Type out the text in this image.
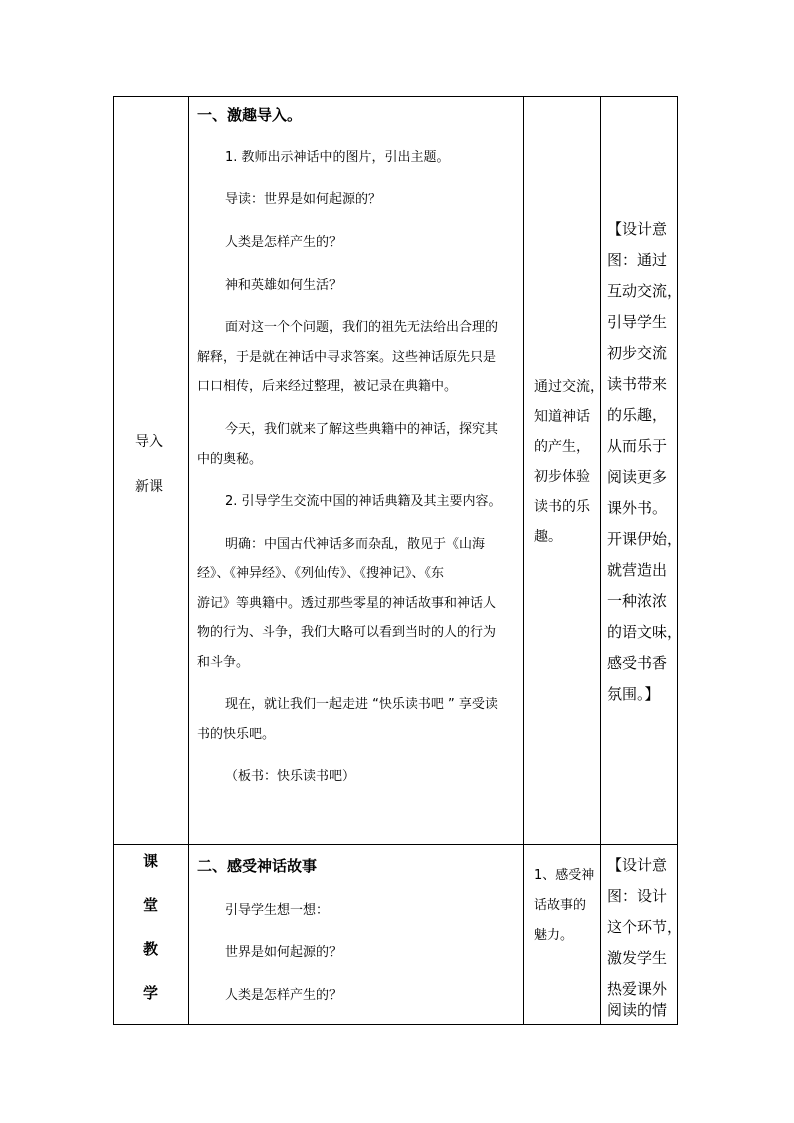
导入
新课
一、激趣导入。
1. 教师出示神话中的图片，引出主题。
导读：世界是如何起源的？
人类是怎样产生的？
神和英雄如何生活？
面对这一个个问题，我们的祖先无法给出合理的
解释，于是就在神话中寻求答案。这些神话原先只是
口口相传，后来经过整理，被记录在典籍中。
今天，我们就来了解这些典籍中的神话，探究其
中的奥秘。
2. 引导学生交流中国的神话典籍及其主要内容。
明确：中国古代神话多而杂乱，散见于《山海
经》、《神异经》、《列仙传》、《搜神记》、《东
游记》等典籍中。透过那些零星的神话故事和神话人
物的行为、斗争，我们大略可以看到当时的人的行为
和斗争。
现在，就让我们一起走进 “快乐读书吧 ” 享受读
书的快乐吧。
（板书：快乐读书吧）
通过交流，
知道神话
的产生，
初步体验
读书的乐
趣。
【设计意
图：通过
互动交流，
引导学生
初步交流
读书带来
的乐趣，
从而乐于
阅读更多
课外书。
开课伊始，
就营造出
一种浓浓
的语文味，
感受书香
氛围。】
课
堂
教
学
二、感受神话故事
引导学生想一想：
世界是如何起源的？
人类是怎样产生的？
1、感受神
话故事的
魅力。
【设计意
图：设计
这个环节，
激发学生
热爱课外
阅读的情
